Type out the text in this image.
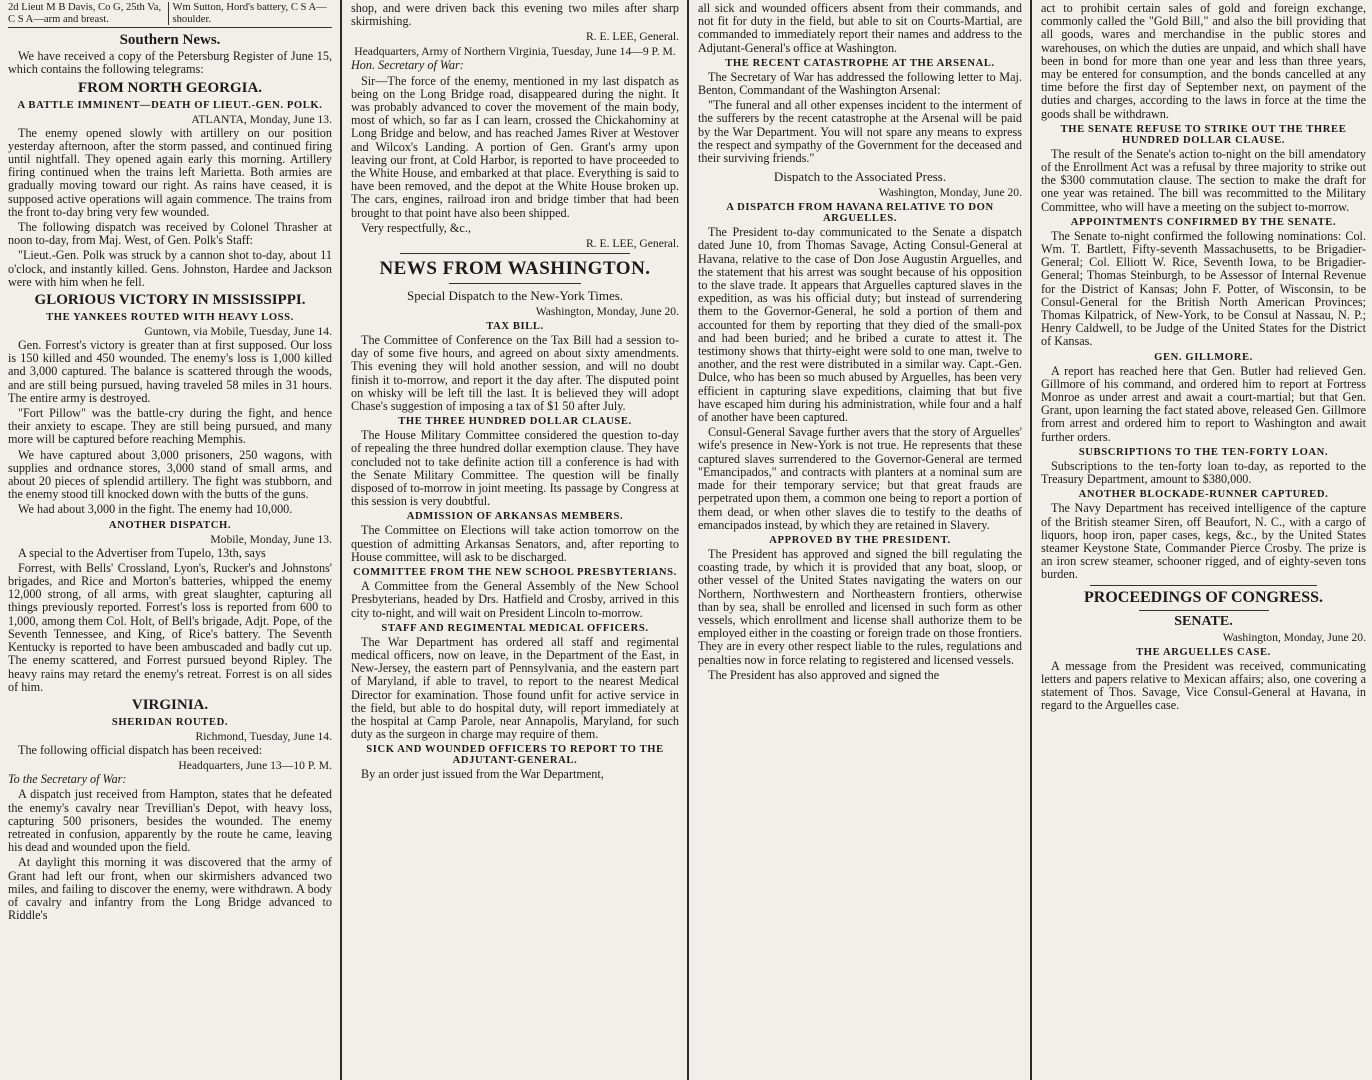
2d Lieut M B Davis, Co G, 25th Va, C S A—arm and breast.
Wm Sutton, Hord's battery, C S A—shoulder.
Southern News.

We have received a copy of the Petersburg Register of June 15, which contains the following telegrams:

FROM NORTH GEORGIA.
A BATTLE IMMINENT—DEATH OF LIEUT.-GEN. POLK.
ATLANTA, Monday, June 13.

The enemy opened slowly with artillery on our position yesterday afternoon, after the storm passed, and continued firing until nightfall. They opened again early this morning. Artillery firing continued when the trains left Marietta. Both armies are gradually moving toward our right. As rains have ceased, it is supposed active operations will again commence. The trains from the front to-day bring very few wounded.

The following dispatch was received by Colonel Thrasher at noon to-day, from Maj. West, of Gen. Polk's Staff:

"Lieut.-Gen. Polk was struck by a cannon shot to-day, about 11 o'clock, and instantly killed. Gens. Johnston, Hardee and Jackson were with him when he fell.

GLORIOUS VICTORY IN MISSISSIPPI.
THE YANKEES ROUTED WITH HEAVY LOSS.
Guntown, via Mobile, Tuesday, June 14.

Gen. Forrest's victory is greater than at first supposed. Our loss is 150 killed and 450 wounded. The enemy's loss is 1,000 killed and 3,000 captured. The balance is scattered through the woods, and are still being pursued, having traveled 58 miles in 31 hours. The entire army is destroyed.

"Fort Pillow" was the battle-cry during the fight, and hence their anxiety to escape. They are still being pursued, and many more will be captured before reaching Memphis.

We have captured about 3,000 prisoners, 250 wagons, with supplies and ordnance stores, 3,000 stand of small arms, and about 20 pieces of splendid artillery. The fight was stubborn, and the enemy stood till knocked down with the butts of the guns.

We had about 3,000 in the fight. The enemy had 10,000.

ANOTHER DISPATCH.
Mobile, Monday, June 13.

A special to the Advertiser from Tupelo, 13th, says

Forrest, with Bells' Crossland, Lyon's, Rucker's and Johnstons' brigades, and Rice and Morton's batteries, whipped the enemy 12,000 strong, of all arms, with great slaughter, capturing all things previously reported. Forrest's loss is reported from 600 to 1,000, among them Col. Holt, of Bell's brigade, Adjt. Pope, of the Seventh Tennessee, and King, of Rice's battery. The Seventh Kentucky is reported to have been ambuscaded and badly cut up. The enemy scattered, and Forrest pursued beyond Ripley. The heavy rains may retard the enemy's retreat. Forrest is on all sides of him.

VIRGINIA.
SHERIDAN ROUTED.
Richmond, Tuesday, June 14.

The following official dispatch has been received:

Headquarters, June 13—10 P. M.

To the Secretary of War:

A dispatch just received from Hampton, states that he defeated the enemy's cavalry near Trevillian's Depot, with heavy loss, capturing 500 prisoners, besides the wounded. The enemy retreated in confusion, apparently by the route he came, leaving his dead and wounded upon the field.

At daylight this morning it was discovered that the army of Grant had left our front, when our skirmishers advanced two miles, and failing to discover the enemy, were withdrawn. A body of cavalry and infantry from the Long Bridge advanced to Riddle's

shop, and were driven back this evening two miles after sharp skirmishing.

R. E. LEE, General.
Headquarters, Army of Northern Virginia, Tuesday, June 14—9 P. M.

Hon. Secretary of War:

Sir—The force of the enemy, mentioned in my last dispatch as being on the Long Bridge road, disappeared during the night. It was probably advanced to cover the movement of the main body, most of which, so far as I can learn, crossed the Chickahominy at Long Bridge and below, and has reached James River at Westover and Wilcox's Landing. A portion of Gen. Grant's army upon leaving our front, at Cold Harbor, is reported to have proceeded to the White House, and embarked at that place. Everything is said to have been removed, and the depot at the White House broken up. The cars, engines, railroad iron and bridge timber that had been brought to that point have also been shipped.

Very respectfully, &c.,

R. E. LEE, General.
NEWS FROM WASHINGTON.
Special Dispatch to the New-York Times.
Washington, Monday, June 20.
TAX BILL.

The Committee of Conference on the Tax Bill had a session to-day of some five hours, and agreed on about sixty amendments. This evening they will hold another session, and will no doubt finish it to-morrow, and report it the day after. The disputed point on whisky will be left till the last. It is believed they will adopt Chase's suggestion of imposing a tax of $1 50 after July.

THE THREE HUNDRED DOLLAR CLAUSE.

The House Military Committee considered the question to-day of repealing the three hundred dollar exemption clause. They have concluded not to take definite action till a conference is had with the Senate Military Committee. The question will be finally disposed of to-morrow in joint meeting. Its passage by Congress at this session is very doubtful.

ADMISSION OF ARKANSAS MEMBERS.

The Committee on Elections will take action tomorrow on the question of admitting Arkansas Senators, and, after reporting to House committee, will ask to be discharged.

COMMITTEE FROM THE NEW SCHOOL PRESBYTERIANS.

A Committee from the General Assembly of the New School Presbyterians, headed by Drs. Hatfield and Crosby, arrived in this city to-night, and will wait on President Lincoln to-morrow.

STAFF AND REGIMENTAL MEDICAL OFFICERS.

The War Department has ordered all staff and regimental medical officers, now on leave, in the Department of the East, in New-Jersey, the eastern part of Pennsylvania, and the eastern part of Maryland, if able to travel, to report to the nearest Medical Director for examination. Those found unfit for active service in the field, but able to do hospital duty, will report immediately at the hospital at Camp Parole, near Annapolis, Maryland, for such duty as the surgeon in charge may require of them.

SICK AND WOUNDED OFFICERS TO REPORT TO THE ADJUTANT-GENERAL.

By an order just issued from the War Department,

all sick and wounded officers absent from their commands, and not fit for duty in the field, but able to sit on Courts-Martial, are commanded to immediately report their names and address to the Adjutant-General's office at Washington.

THE RECENT CATASTROPHE AT THE ARSENAL.

The Secretary of War has addressed the following letter to Maj. Benton, Commandant of the Washington Arsenal:

"The funeral and all other expenses incident to the interment of the sufferers by the recent catastrophe at the Arsenal will be paid by the War Department. You will not spare any means to express the respect and sympathy of the Government for the deceased and their surviving friends."

Dispatch to the Associated Press.
Washington, Monday, June 20.
A DISPATCH FROM HAVANA RELATIVE TO DON ARGUELLES.

The President to-day communicated to the Senate a dispatch dated June 10, from Thomas Savage, Acting Consul-General at Havana, relative to the case of Don Jose Augustin Arguelles, and the statement that his arrest was sought because of his opposition to the slave trade. It appears that Arguelles captured slaves in the expedition, as was his official duty; but instead of surrendering them to the Governor-General, he sold a portion of them and accounted for them by reporting that they died of the small-pox and had been buried; and he bribed a curate to attest it. The testimony shows that thirty-eight were sold to one man, twelve to another, and the rest were distributed in a similar way. Capt.-Gen. Dulce, who has been so much abused by Arguelles, has been very efficient in capturing slave expeditions, claiming that but five have escaped him during his administration, while four and a half of another have been captured.

Consul-General Savage further avers that the story of Arguelles' wife's presence in New-York is not true. He represents that these captured slaves surrendered to the Governor-General are termed "Emancipados," and contracts with planters at a nominal sum are made for their temporary service; but that great frauds are perpetrated upon them, a common one being to report a portion of them dead, or when other slaves die to testify to the deaths of emancipados instead, by which they are retained in Slavery.

APPROVED BY THE PRESIDENT.

The President has approved and signed the bill regulating the coasting trade, by which it is provided that any boat, sloop, or other vessel of the United States navigating the waters on our Northern, Northwestern and Northeastern frontiers, otherwise than by sea, shall be enrolled and licensed in such form as other vessels, which enrollment and license shall authorize them to be employed either in the coasting or foreign trade on those frontiers. They are in every other respect liable to the rules, regulations and penalties now in force relating to registered and licensed vessels.

The President has also approved and signed the

act to prohibit certain sales of gold and foreign exchange, commonly called the "Gold Bill," and also the bill providing that all goods, wares and merchandise in the public stores and warehouses, on which the duties are unpaid, and which shall have been in bond for more than one year and less than three years, may be entered for consumption, and the bonds cancelled at any time before the first day of September next, on payment of the duties and charges, according to the laws in force at the time the goods shall be withdrawn.

THE SENATE REFUSE TO STRIKE OUT THE THREE HUNDRED DOLLAR CLAUSE.

The result of the Senate's action to-night on the bill amendatory of the Enrollment Act was a refusal by three majority to strike out the $300 commutation clause. The section to make the draft for one year was retained. The bill was recommitted to the Military Committee, who will have a meeting on the subject to-morrow.

APPOINTMENTS CONFIRMED BY THE SENATE.

The Senate to-night confirmed the following nominations: Col. Wm. T. Bartlett, Fifty-seventh Massachusetts, to be Brigadier-General; Col. Elliott W. Rice, Seventh Iowa, to be Brigadier-General; Thomas Steinburgh, to be Assessor of Internal Revenue for the District of Kansas; John F. Potter, of Wisconsin, to be Consul-General for the British North American Provinces; Thomas Kilpatrick, of New-York, to be Consul at Nassau, N. P.; Henry Caldwell, to be Judge of the United States for the District of Kansas.

GEN. GILLMORE.

A report has reached here that Gen. Butler had relieved Gen. Gillmore of his command, and ordered him to report at Fortress Monroe as under arrest and await a court-martial; but that Gen. Grant, upon learning the fact stated above, released Gen. Gillmore from arrest and ordered him to report to Washington and await further orders.

SUBSCRIPTIONS TO THE TEN-FORTY LOAN.

Subscriptions to the ten-forty loan to-day, as reported to the Treasury Department, amount to $380,000.

ANOTHER BLOCKADE-RUNNER CAPTURED.

The Navy Department has received intelligence of the capture of the British steamer Siren, off Beaufort, N. C., with a cargo of liquors, hoop iron, paper cases, kegs, &c., by the United States steamer Keystone State, Commander Pierce Crosby. The prize is an iron screw steamer, schooner rigged, and of eighty-seven tons burden.

PROCEEDINGS OF CONGRESS.
SENATE.
Washington, Monday, June 20.
THE ARGUELLES CASE.

A message from the President was received, communicating letters and papers relative to Mexican affairs; also, one covering a statement of Thos. Savage, Vice Consul-General at Havana, in regard to the Arguelles case.
